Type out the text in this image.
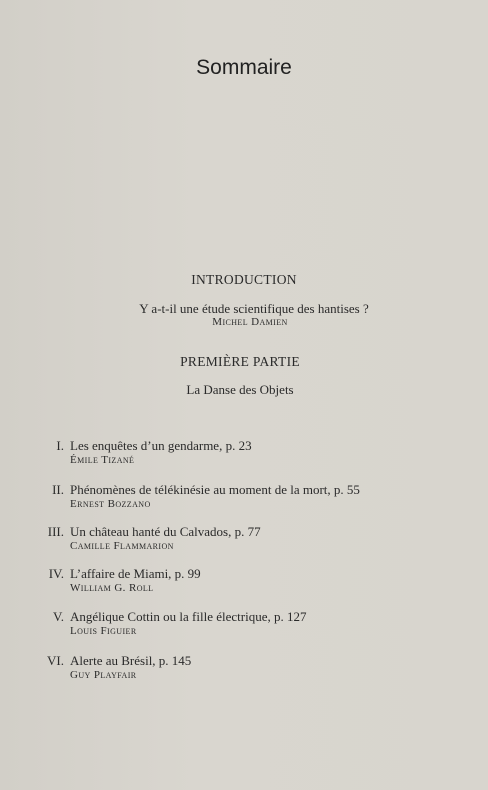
Sommaire
INTRODUCTION
Y a-t-il une étude scientifique des hantises ?
Michel Damien
PREMIÈRE PARTIE
La Danse des Objets
I. Les enquêtes d’un gendarme, p. 23
Émile Tizané
II. Phénomènes de télékinésie au moment de la mort, p. 55
Ernest Bozzano
III. Un château hanté du Calvados, p. 77
Camille Flammarion
IV. L’affaire de Miami, p. 99
William G. Roll
V. Angélique Cottin ou la fille électrique, p. 127
Louis Figuier
VI. Alerte au Brésil, p. 145
Guy Playfair
